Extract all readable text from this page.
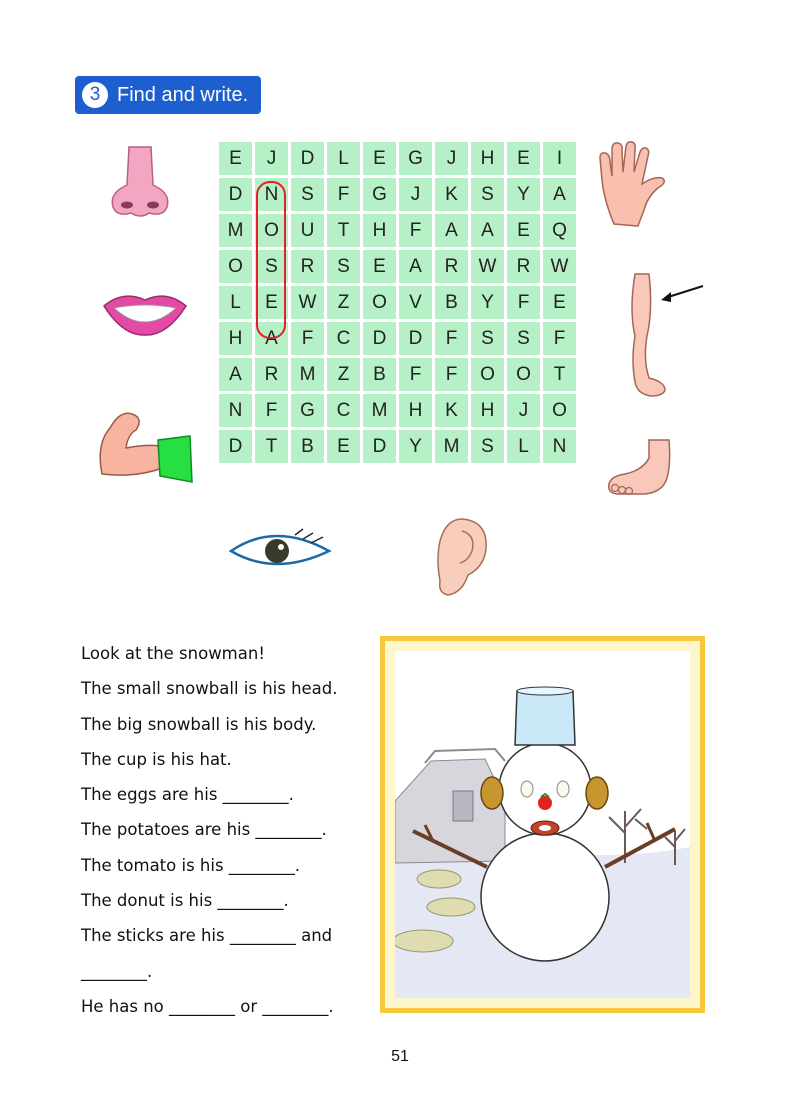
3 Find and write.
E	J	D	L	E	G	J	H	E	I
D	N	S	F	G	J	K	S	Y	A
M	O	U	T	H	F	A	A	E	Q
O	S	R	S	E	A	R	W	R	W
L	E	W	Z	O	V	B	Y	F	E
H	A	F	C	D	D	F	S	S	F
A	R	M	Z	B	F	F	O	O	T
N	F	G	C	M	H	K	H	J	O
D	T	B	E	D	Y	M	S	L	N
Look at the snowman!
The small snowball is his head.
The big snowball is his body.
The cup is his hat.
The eggs are his ________.
The potatoes are his ________.
The tomato is his ________.
The donut is his ________.
The sticks are his ________ and
________.
He has no ________ or ________.
51
